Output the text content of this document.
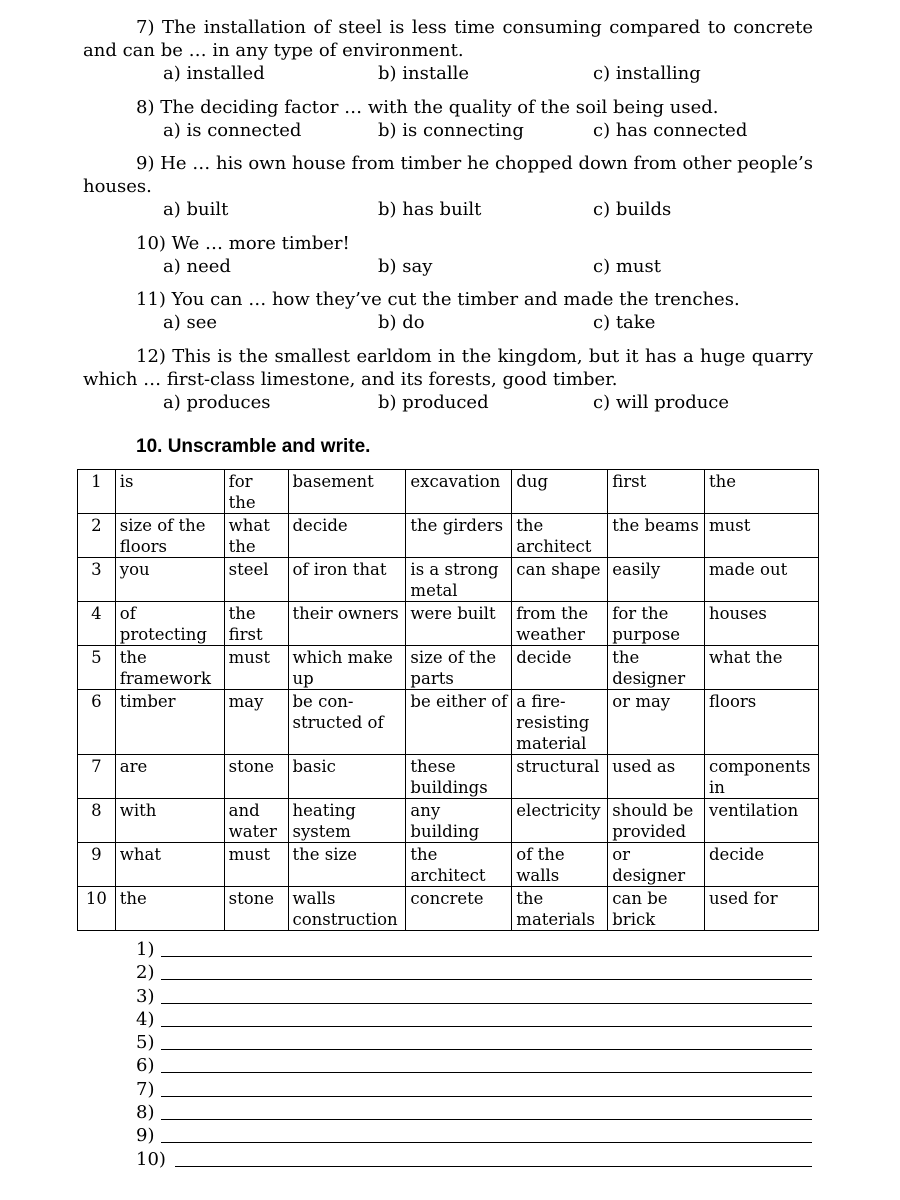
7) The installation of steel is less time consuming compared to concrete and can be … in any type of environment.
a) installed	b) installe	c) installing
8) The deciding factor … with the quality of the soil being used.
a) is connected	b) is connecting	c) has connected
9) He … his own house from timber he chopped down from other people’s houses.
a) built	b) has built	c) builds
10) We … more timber!
a) need	b) say	c) must
11) You can … how they’ve cut the timber and made the trenches.
a) see	b) do	c) take
12) This is the smallest earldom in the kingdom, but it has a huge quarry which … first-class limestone, and its forests, good timber.
a) produces	b) produced	c) will produce
10. Unscramble and write.
1	is	for the	basement	excavation	dug	first	the
2	size of the floors	what the	decide	the girders	the architect	the beams	must
3	you	steel	of iron that	is a strong metal	can shape	easily	made out
4	of protecting	the first	their owners	were built	from the weather	for the purpose	houses
5	the framework	must	which make up	size of the parts	decide	the designer	what the
6	timber	may	be con-structed of	be either of	a fire-resisting material	or may	floors
7	are	stone	basic	these buildings	structural	used as	components in
8	with	and water	heating system	any building	electricity	should be provided	ventilation
9	what	must	the size	the architect	of the walls	or designer	decide
10	the	stone	walls construction	concrete	the materials	can be brick	used for
1)
2)
3)
4)
5)
6)
7)
8)
9)
10)
